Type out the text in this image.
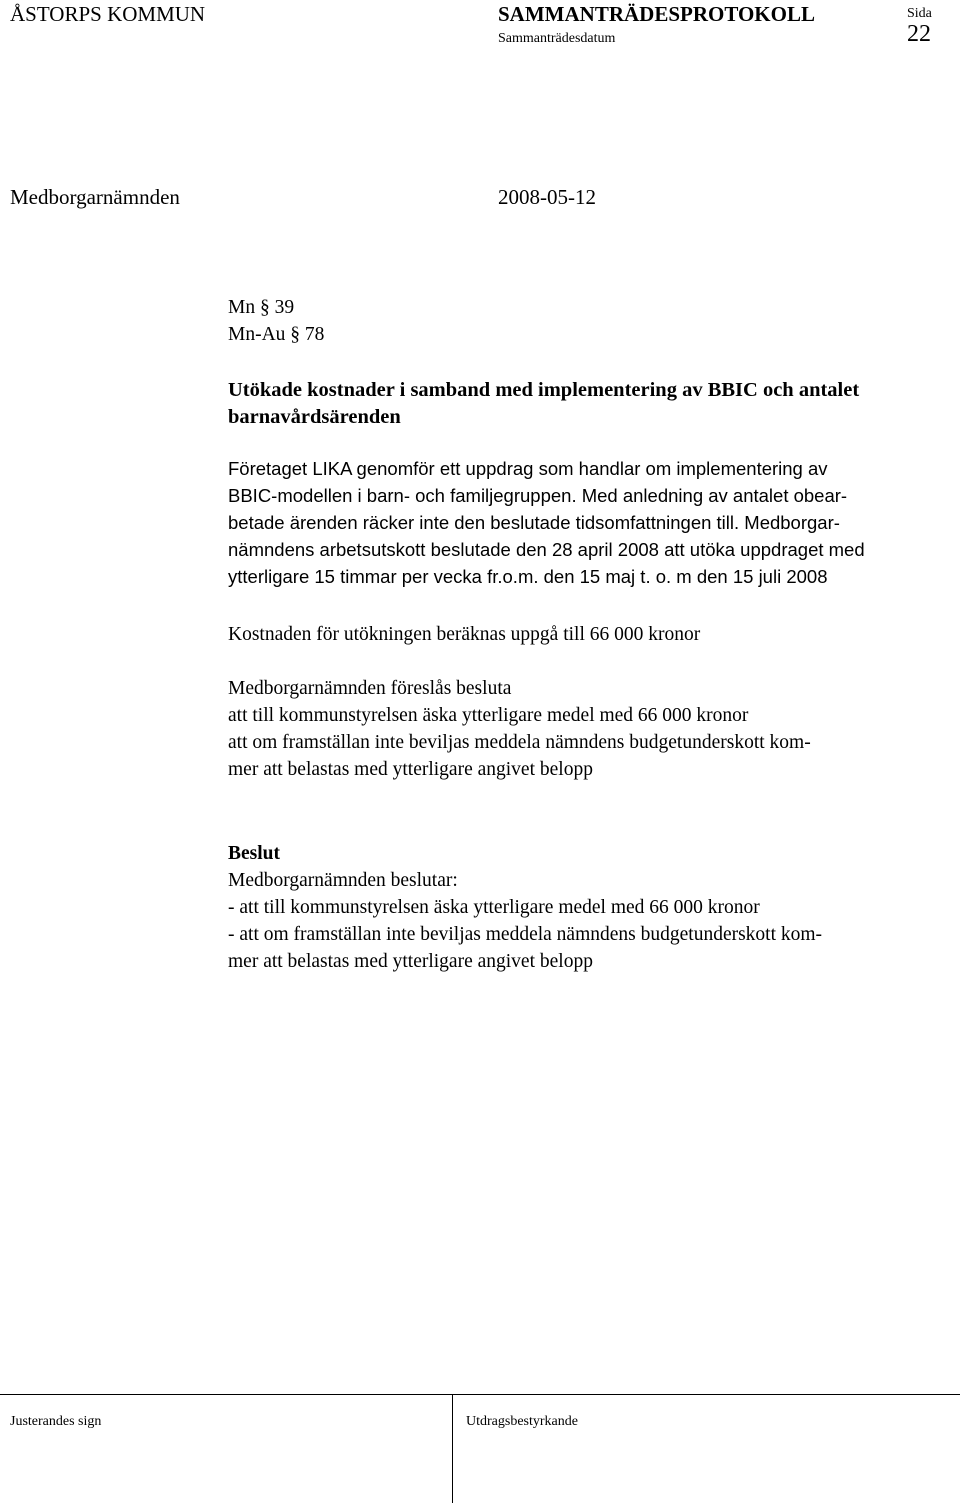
ÅSTORPS KOMMUN	SAMMANTRÄDESPROTOKOLL	Sida
22
Sammanträdesdatum
Medborgarnämnden	2008-05-12
Mn § 39
Mn-Au § 78
Utökade kostnader i samband med implementering av BBIC och antalet
barnavårdsärenden
Företaget LIKA genomför ett uppdrag som handlar om implementering av
BBIC-modellen i barn- och familjegruppen. Med anledning av antalet obear-
betade ärenden räcker inte den beslutade tidsomfattningen till. Medborgar-
nämndens arbetsutskott beslutade den 28 april 2008 att utöka uppdraget med
ytterligare 15 timmar per vecka fr.o.m. den 15 maj t. o. m den 15 juli 2008
Kostnaden för utökningen beräknas uppgå till 66 000 kronor
Medborgarnämnden föreslås besluta
att till kommunstyrelsen äska ytterligare medel med 66 000 kronor
att om framställan inte beviljas meddela nämndens budgetunderskott kom-
mer att belastas med ytterligare angivet belopp
Beslut
Medborgarnämnden beslutar:
- att till kommunstyrelsen äska ytterligare medel med 66 000 kronor
- att om framställan inte beviljas meddela nämndens budgetunderskott kom-
mer att belastas med ytterligare angivet belopp
Justerandes sign	Utdragsbestyrkande
